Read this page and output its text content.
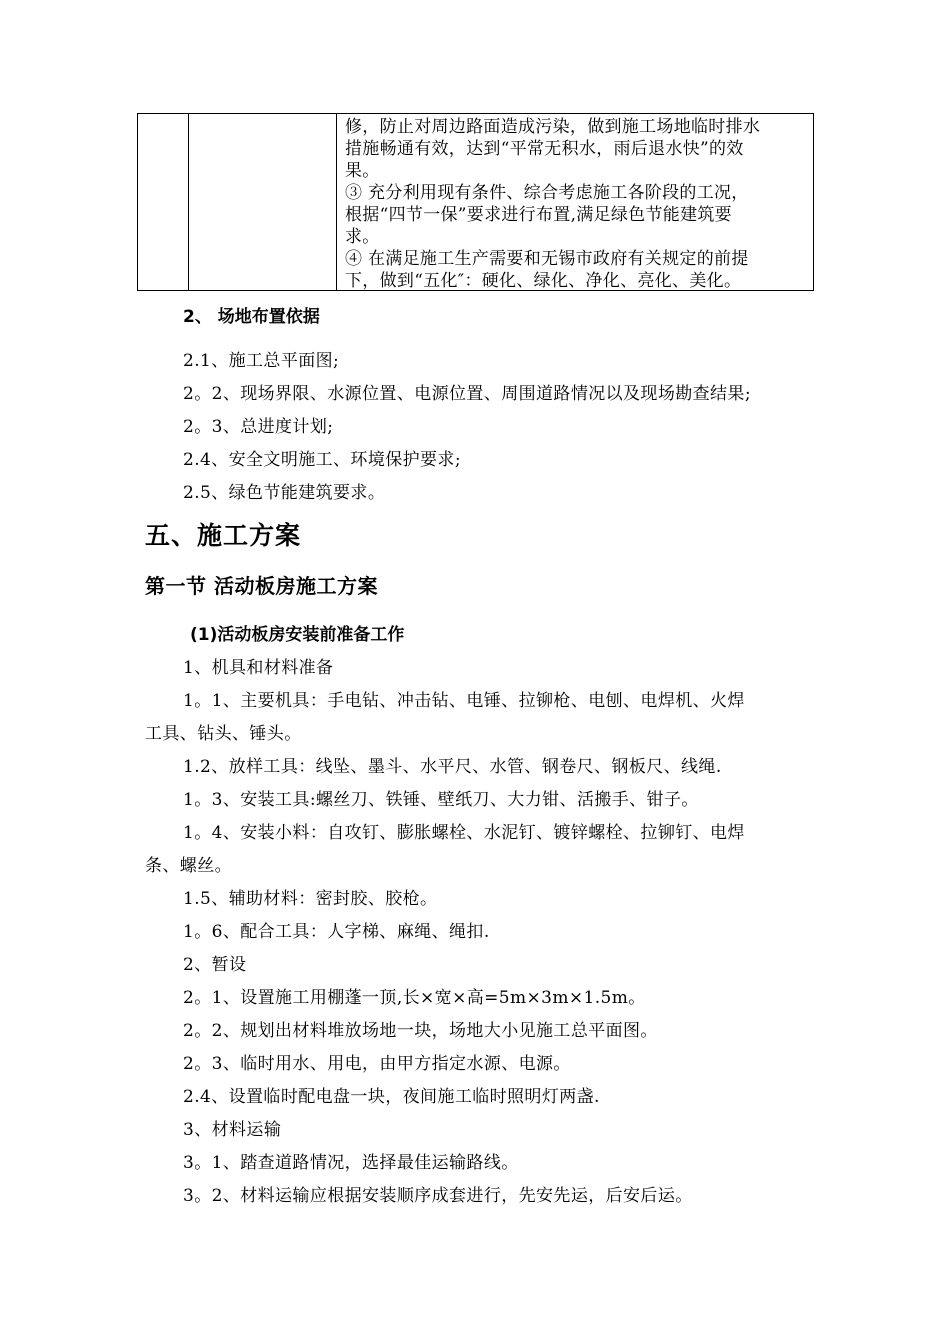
修，防止对周边路面造成污染，做到施工场地临时排水
措施畅通有效，达到“平常无积水，雨后退水快”的效
果。
③ 充分利用现有条件、综合考虑施工各阶段的工况，
根据“四节一保”要求进行布置,满足绿色节能建筑要
求。
④ 在满足施工生产需要和无锡市政府有关规定的前提
下，做到“五化″：硬化、绿化、净化、亮化、美化。
2、 场地布置依据
2.1、施工总平面图;
2。2、现场界限、水源位置、电源位置、周围道路情况以及现场勘查结果;
2。3、总进度计划;
2.4、安全文明施工、环境保护要求;
2.5、绿色节能建筑要求。
五、施工方案
第一节 活动板房施工方案
(1)活动板房安装前准备工作
1、机具和材料准备
1。1、主要机具：手电钻、冲击钻、电锤、拉铆枪、电刨、电焊机、火焊
工具、钻头、锤头。
1.2、放样工具：线坠、墨斗、水平尺、水管、钢卷尺、钢板尺、线绳.
1。3、安装工具:螺丝刀、铁锤、壁纸刀、大力钳、活搬手、钳子。
1。4、安装小料：自攻钉、膨胀螺栓、水泥钉、镀锌螺栓、拉铆钉、电焊
条、螺丝。
1.5、辅助材料：密封胶、胶枪。
1。6、配合工具：人字梯、麻绳、绳扣.
2、暂设
2。1、设置施工用棚蓬一顶,长×宽×高=5m×3m×1.5m。
2。2、规划出材料堆放场地一块，场地大小见施工总平面图。
2。3、临时用水、用电，由甲方指定水源、电源。
2.4、设置临时配电盘一块，夜间施工临时照明灯两盏.
3、材料运输
3。1、踏查道路情况，选择最佳运输路线。
3。2、材料运输应根据安装顺序成套进行，先安先运，后安后运。
